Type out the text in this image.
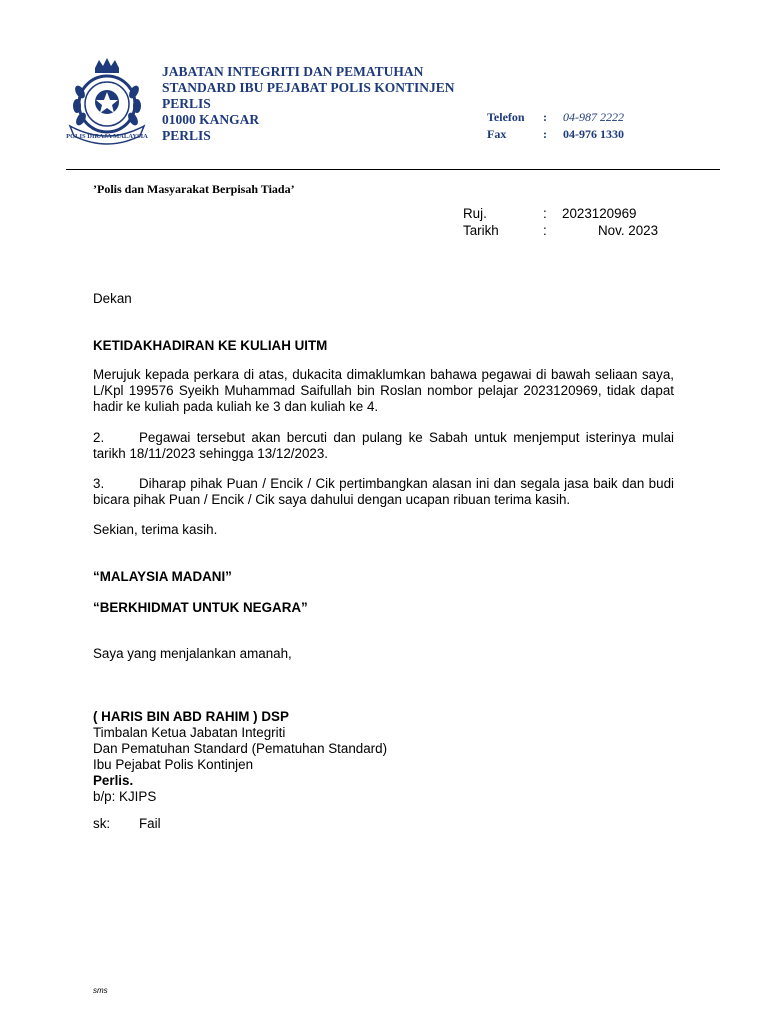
POLIS DIRAJA MALAYSIA
JABATAN INTEGRITI DAN PEMATUHAN
STANDARD IBU PEJABAT POLIS KONTINJEN
PERLIS
01000 KANGAR
PERLIS
Telefon : 04-987 2222
Fax	: 04-976 1330
’Polis dan Masyarakat Berpisah Tiada’
Ruj.	: 2023120969
Tarikh	:	Nov. 2023
Dekan
KETIDAKHADIRAN KE KULIAH UITM
Merujuk kepada perkara di atas, dukacita dimaklumkan bahawa pegawai di bawah seliaan saya, L/Kpl 199576 Syeikh Muhammad Saifullah bin Roslan nombor pelajar 2023120969, tidak dapat hadir ke kuliah pada kuliah ke 3 dan kuliah ke 4.
2.	Pegawai tersebut akan bercuti dan pulang ke Sabah untuk menjemput isterinya mulai tarikh 18/11/2023 sehingga 13/12/2023.
3.	Diharap pihak Puan / Encik / Cik pertimbangkan alasan ini dan segala jasa baik dan budi bicara pihak Puan / Encik / Cik saya dahului dengan ucapan ribuan terima kasih.
Sekian, terima kasih.
“MALAYSIA MADANI”
“BERKHIDMAT UNTUK NEGARA”
Saya yang menjalankan amanah,
( HARIS BIN ABD RAHIM ) DSP
Timbalan Ketua Jabatan Integriti
Dan Pematuhan Standard (Pematuhan Standard)
Ibu Pejabat Polis Kontinjen
Perlis.
b/p: KJIPS
sk: Fail
sms
